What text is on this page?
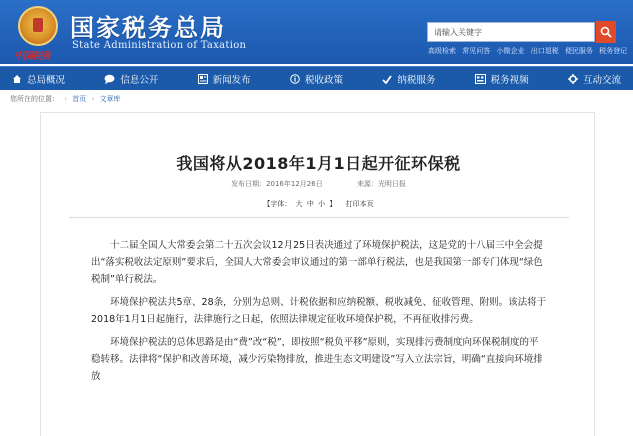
中国税务
国家税务总局
State Administration of Taxation
请输入关键字
高级检索 常见问答 小微企业 出口退税 便民服务 税务登记
总局概况	信息公开	新闻发布	税收政策	纳税服务	税务视频	互动交流
您所在的位置： › 首页 › 文章库
我国将从2018年1月1日起开征环保税
发布日期：2016年12月26日	来源：光明日报
【字体： 大 中 小 】 打印本页

十二届全国人大常委会第二十五次会议12月25日表决通过了环境保护税法，这是党的十八届三中全会提出“落实税收法定原则”要求后，全国人大常委会审议通过的第一部单行税法，也是我国第一部专门体现“绿色税制”单行税法。

环境保护税法共5章、28条，分别为总则、计税依据和应纳税额、税收减免、征收管理、附则。该法将于2018年1月1日起施行，法律施行之日起，依照法律规定征收环境保护税，不再征收排污费。

环境保护税法的总体思路是由“费”改“税”，即按照“税负平移”原则，实现排污费制度向环保税制度的平稳转移。法律将“保护和改善环境，减少污染物排放，推进生态文明建设”写入立法宗旨，明确“直接向环境排放
